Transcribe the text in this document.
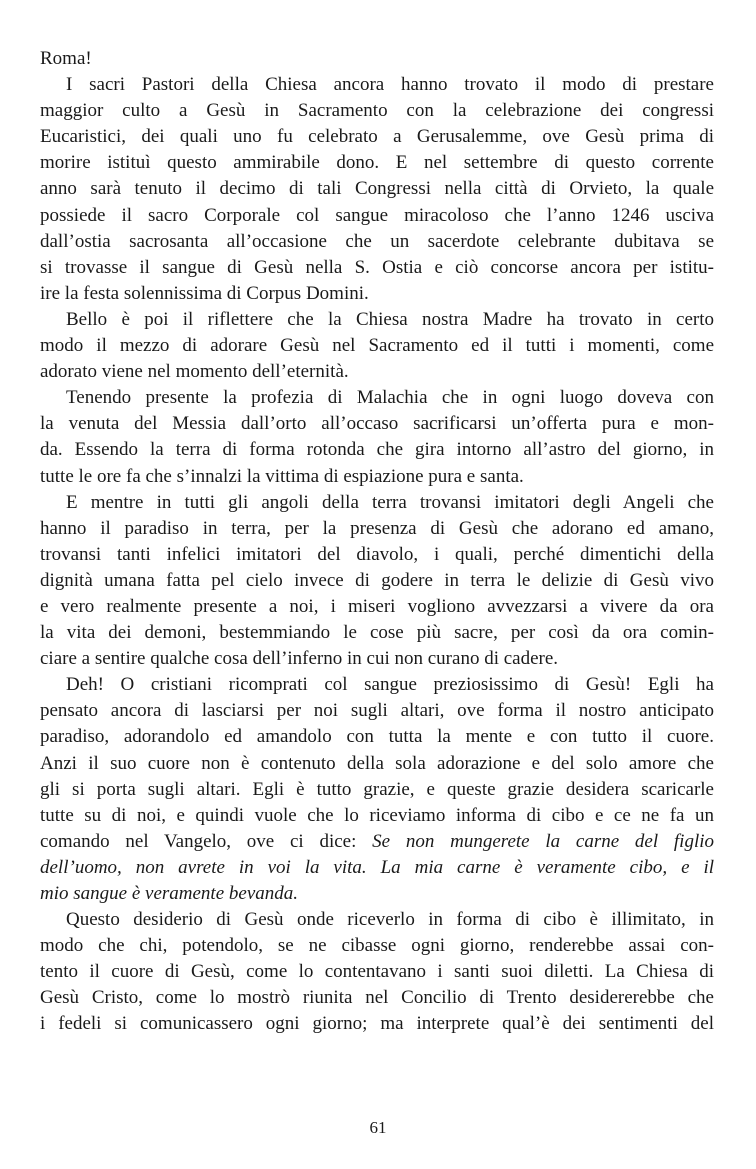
Roma!
I sacri Pastori della Chiesa ancora hanno trovato il modo di prestare
maggior culto a Gesù in Sacramento con la celebrazione dei congressi
Eucaristici, dei quali uno fu celebrato a Gerusalemme, ove Gesù prima di
morire istituì questo ammirabile dono. E nel settembre di questo corrente
anno sarà tenuto il decimo di tali Congressi nella città di Orvieto, la quale
possiede il sacro Corporale col sangue miracoloso che l’anno 1246 usciva
dall’ostia sacrosanta all’occasione che un sacerdote celebrante dubitava se
si trovasse il sangue di Gesù nella S. Ostia e ciò concorse ancora per istitu-
ire la festa solennissima di Corpus Domini.
Bello è poi il riflettere che la Chiesa nostra Madre ha trovato in certo
modo il mezzo di adorare Gesù nel Sacramento ed il tutti i momenti, come
adorato viene nel momento dell’eternità.
Tenendo presente la profezia di Malachia che in ogni luogo doveva con
la venuta del Messia dall’orto all’occaso sacrificarsi un’offerta pura e mon-
da. Essendo la terra di forma rotonda che gira intorno all’astro del giorno, in
tutte le ore fa che s’innalzi la vittima di espiazione pura e santa.
E mentre in tutti gli angoli della terra trovansi imitatori degli Angeli che
hanno il paradiso in terra, per la presenza di Gesù che adorano ed amano,
trovansi tanti infelici imitatori del diavolo, i quali, perché dimentichi della
dignità umana fatta pel cielo invece di godere in terra le delizie di Gesù vivo
e vero realmente presente a noi, i miseri vogliono avvezzarsi a vivere da ora
la vita dei demoni, bestemmiando le cose più sacre, per così da ora comin-
ciare a sentire qualche cosa dell’inferno in cui non curano di cadere.
Deh! O cristiani ricomprati col sangue preziosissimo di Gesù! Egli ha
pensato ancora di lasciarsi per noi sugli altari, ove forma il nostro anticipato
paradiso, adorandolo ed amandolo con tutta la mente e con tutto il cuore.
Anzi il suo cuore non è contenuto della sola adorazione e del solo amore che
gli si porta sugli altari. Egli è tutto grazie, e queste grazie desidera scaricarle
tutte su di noi, e quindi vuole che lo riceviamo informa di cibo e ce ne fa un
comando nel Vangelo, ove ci dice: Se non mungerete la carne del figlio
dell’uomo, non avrete in voi la vita. La mia carne è veramente cibo, e il
mio sangue è veramente bevanda.
Questo desiderio di Gesù onde riceverlo in forma di cibo è illimitato, in
modo che chi, potendolo, se ne cibasse ogni giorno, renderebbe assai con-
tento il cuore di Gesù, come lo contentavano i santi suoi diletti. La Chiesa di
Gesù Cristo, come lo mostrò riunita nel Concilio di Trento desidererebbe che
i fedeli si comunicassero ogni giorno; ma interprete qual’è dei sentimenti del
61
